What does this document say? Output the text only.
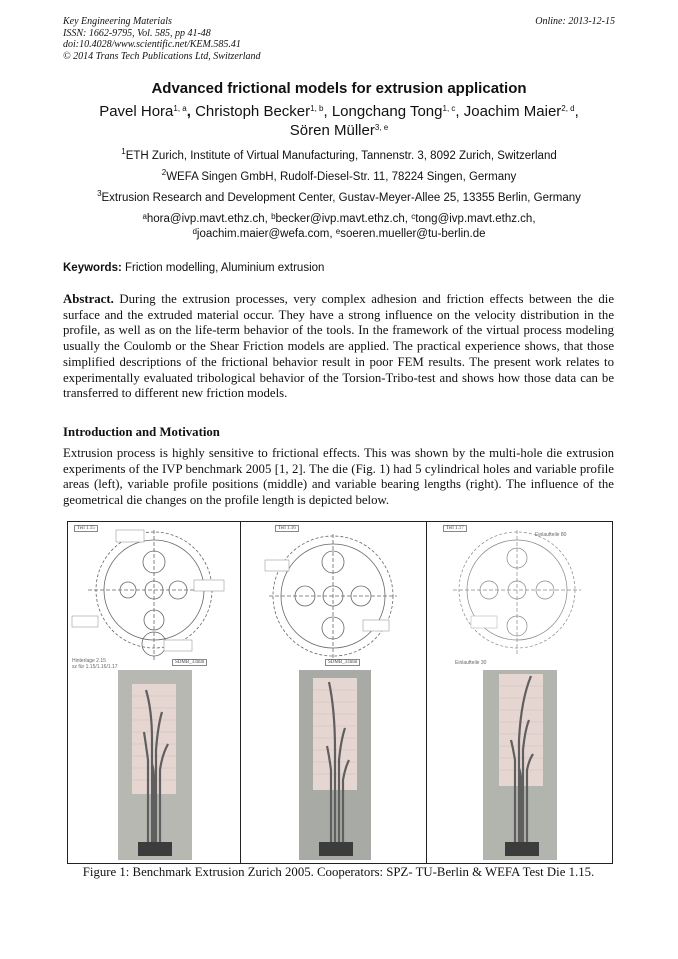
Key Engineering Materials
ISSN: 1662-9795, Vol. 585, pp 41-48
doi:10.4028/www.scientific.net/KEM.585.41
© 2014 Trans Tech Publications Ltd, Switzerland
Online: 2013-12-15
Advanced frictional models for extrusion application
Pavel Hora$^{1, a}$, Christoph Becker$^{1, b}$, Longchang Tong$^{1, c}$, Joachim Maier$^{2, d}$,
Sören Müller$^{3, e}$
$^1$ETH Zurich, Institute of Virtual Manufacturing, Tannenstr. 3, 8092 Zurich, Switzerland
$^2$WEFA Singen GmbH, Rudolf-Diesel-Str. 11, 78224 Singen, Germany
$^3$Extrusion Research and Development Center, Gustav-Meyer-Allee 25, 13355 Berlin, Germany
$^a$hora@ivp.mavt.ethz.ch, $^b$becker@ivp.mavt.ethz.ch, $^c$tong@ivp.mavt.ethz.ch,
$^d$joachim.maier@wefa.com, $^e$soeren.mueller@tu-berlin.de
Keywords: Friction modelling, Aluminium extrusion
Abstract. During the extrusion processes, very complex adhesion and friction effects between the die surface and the extruded material occur. They have a strong influence on the velocity distribution in the profile, as well as on the life-term behavior of the tools. In the framework of the virtual process modeling usually the Coulomb or the Shear Friction models are applied. The practical experience shows, that those simplified descriptions of the frictional behavior result in poor FEM results. The present work relates to experimentally evaluated tribological behavior of the Torsion-Tribo-test and shows how those data can be transferred to different new friction models.
Introduction and Motivation
Extrusion process is highly sensitive to frictional effects. This was shown by the multi-hole die extrusion experiments of the IVP benchmark 2005 [1, 2]. The die (Fig. 1) had 5 cylindrical holes and variable profile areas (left), variable profile positions (middle) and variable bearing lengths (right). The influence of the geometrical die changes on the profile length is depicted below.
Teil 1.15
Hinterlage 2.15
sz für 1.15/1.16/1.17
SDMB_33mm
Teil 1.16
SDMB_33mm
Teil 1.17
Einlaufteile 80
Einlaufteile 30
Figure 1: Benchmark Extrusion Zurich 2005. Cooperators: SPZ- TU-Berlin & WEFA Test Die 1.15.
